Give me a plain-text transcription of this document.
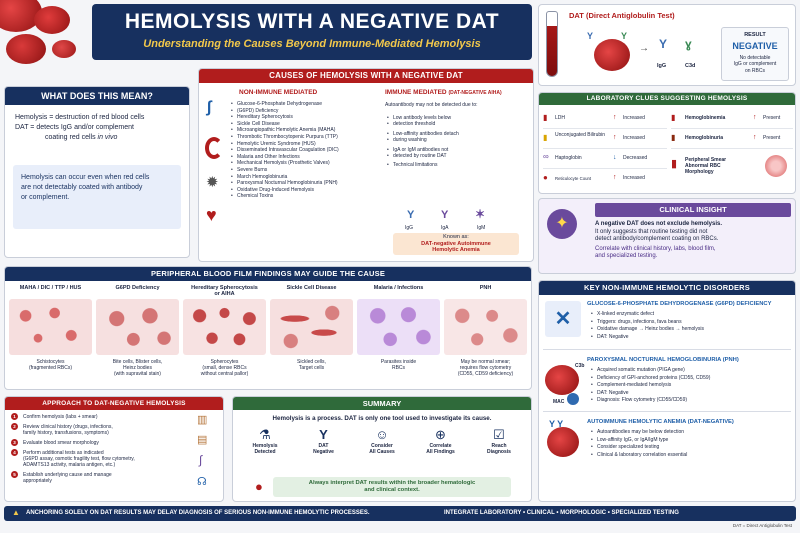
HEMOLYSIS WITH A NEGATIVE DAT
Understanding the Causes Beyond Immune-Mediated Hemolysis
DAT (Direct Antiglobulin Test)
Y	Y
→ Y ɣ
IgG	C3d
RESULT
NEGATIVE
No detectable
IgG or complement
on RBCs
WHAT DOES THIS MEAN?
Hemolysis = destruction of red blood cells
DAT = detects IgG and/or complement
coating red cells in vivo
Hemolysis can occur even when red cells
are not detectably coated with antibody
or complement.
CAUSES OF HEMOLYSIS WITH A NEGATIVE DAT
∫
✹
♥
NON-IMMUNE MEDIATED
• Glucose-6-Phosphate Dehydrogenase
• (G6PD) Deficiency
• Hereditary Spherocytosis
• Sickle Cell Disease
• Microangiopathic Hemolytic Anemia (MAHA)
• Thrombotic Thrombocytopenic Purpura (TTP)
• Hemolytic Uremic Syndrome (HUS)
• Disseminated Intravascular Coagulation (DIC)
• Malaria and Other Infections
• Mechanical Hemolysis (Prosthetic Valves)
• Severe Burns
• March Hemoglobinuria
• Paroxysmal Nocturnal Hemoglobinuria (PNH)
• Oxidative Drug-Induced Hemolysis
• Chemical Toxins
IMMUNE MEDIATED (DAT-NEGATIVE AIHA)
Autoantibody may not be detected due to:
• Low antibody levels below
• detection threshold
• Low-affinity antibodies detach
• during washing
• IgA or IgM antibodies not
• detected by routine DAT
• Technical limitations
Y Y ✶
IgG	IgA	IgM
Known as:
DAT-negative Autoimmune
Hemolytic Anemia
LABORATORY CLUES SUGGESTING HEMOLYSIS
▮ LDH	↑ Increased
▮ Unconjugated Bilirubin ↑ Increased
∞ Haptoglobin	↓ Decreased
● Reticulocyte Count	↑ Increased
▮ Hemoglobinemia	↑ Present
▮ Hemoglobinuria	↑ Present
▮ Peripheral Smear
Abnormal RBC
Morphology
✦
CLINICAL INSIGHT
A negative DAT does not exclude hemolysis.
It only suggests that routine testing did not
detect antibody/complement coating on RBCs.
Correlate with clinical history, labs, blood film,
and specialized testing.
PERIPHERAL BLOOD FILM FINDINGS MAY GUIDE THE CAUSE
MAHA / DIC / TTP / HUS
Schistocytes
(fragmented RBCs)
G6PD Deficiency
Bite cells, Blister cells,
Heinz bodies
(with supravital stain)
Hereditary Spherocytosis
or AIHA
Spherocytes
(small, dense RBCs
without central pallor)
Sickle Cell Disease
Sickled cells,
Target cells
Malaria / Infections
Parasites inside
RBCs
PNH
May be normal smear;
requires flow cytometry
(CD55, CD59 deficiency)
KEY NON-IMMUNE HEMOLYTIC DISORDERS
✕
GLUCOSE-6-PHOSPHATE DEHYDROGENASE (G6PD) DEFICIENCY
• X-linked enzymatic defect
• Triggers: drugs, infections, fava beans
• Oxidative damage → Heinz bodies → hemolysis
• DAT: Negative
C3b
MAC
PAROXYSMAL NOCTURNAL HEMOGLOBINURIA (PNH)
• Acquired somatic mutation (PIGA gene)
• Deficiency of GPI-anchored proteins (CD55, CD59)
• Complement-mediated hemolysis
• DAT: Negative
• Diagnosis: Flow cytometry (CD55/CD59)
Y Y	AUTOIMMUNE HEMOLYTIC ANEMIA (DAT-NEGATIVE)
• Autoantibodies may be below detection
• Low-affinity IgG, or IgA/IgM type
• Consider specialized testing
• Clinical & laboratory correlation essential
APPROACH TO DAT-NEGATIVE HEMOLYSIS
1	Confirm hemolysis (labs + smear)
2	Review clinical history (drugs, infections,
family history, transfusions, symptoms)
3	Evaluate blood smear morphology
4	Perform additional tests as indicated
(G6PD assay, osmotic fragility test, flow cytometry,
ADAMTS13 activity, malaria antigen, etc.)
5	Establish underlying cause and manage
appropriately
▥
▤
∫
☊
SUMMARY
Hemolysis is a process. DAT is only one tool used to investigate its cause.
⚗
Hemolysis
Detected
Y
DAT
Negative
☺
Consider
All Causes
⊕
Correlate
All Findings
☑
Reach
Diagnosis
●	Always interpret DAT results within the broader hematologic
and clinical context.
▲ ANCHORING SOLELY ON DAT RESULTS MAY DELAY DIAGNOSIS OF SERIOUS NON-IMMUNE HEMOLYTIC PROCESSES.	INTEGRATE LABORATORY • CLINICAL • MORPHOLOGIC • SPECIALIZED TESTING
DAT = Direct Antiglobulin Test
